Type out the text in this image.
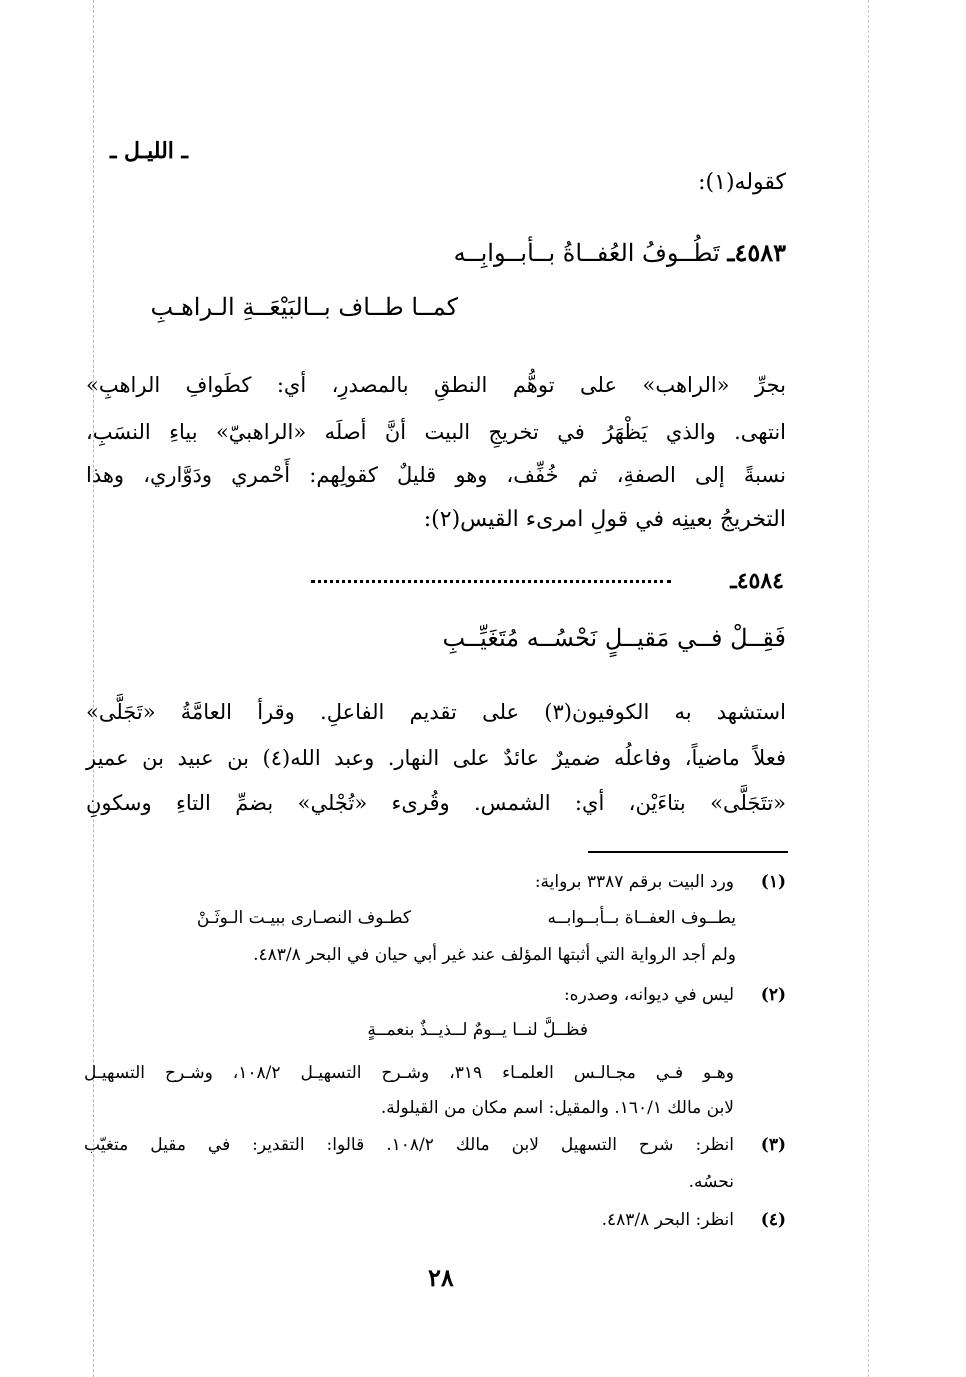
ـ الليـل ـ
كقوله(١):
٤٥٨٣ـ تَطُــوفُ العُفــاةُ بــأبــوابِــه
كمــا طــاف بــالبَيْعَــةِ الـراهـبِ
بجرِّ «الراهب» على توهُّم النطقِ بالمصدرِ، أي: كطَوافِ الراهبِ»
انتهى. والذي يَظْهَرُ في تخريجِ البيت أنَّ أصلَه «الراهبيّ» بياءِ النسَبِ،
نسبةً إلى الصفةِ، ثم خُفِّف، وهو قليلٌ كقولِهم: أَحْمري ودَوَّاري، وهذا
التخريجُ بعينِه في قولِ امرىء القيس(٢):
٤٥٨٤ـ
فَقِــلْ فــي مَقيــلٍ نَحْسُــه مُتَغَيِّــبِ
استشهد به الكوفيون(٣) على تقديم الفاعلِ. وقرأ العامَّةُ «تَجَلَّى»
فعلاً ماضياً، وفاعلُه ضميرٌ عائدٌ على النهار. وعبد الله(٤) بن عبيد بن عمير
«تتَجَلَّى» بتاءَيْن، أي: الشمس. وقُرىء «تُجْلي» بضمِّ التاءِ وسكونِ
(١)
ورد البيت برقم ٣٣٨٧ برواية:
يطــوف العفــاة بــأبــوابــه
كطـوف النصـارى ببيـت الـوثَـنْ
ولم أجد الرواية التي أثبتها المؤلف عند غير أبي حيان في البحر ٤٨٣/٨.
(٢)
ليس في ديوانه، وصدره:
فظــلَّ لنــا يــومٌ لــذيــذٌ بنعمــةٍ
وهـو فـي مجـالـس العلمـاء ٣١٩، وشـرح التسهيـل ١٠٨/٢، وشـرح التسهيـل
لابن مالك ١٦٠/١. والمقيل: اسم مكان من القيلولة.
(٣)
انظر: شرح التسهيل لابن مالك ١٠٨/٢. قالوا: التقدير: في مقيل متغيّب
نحسُه.
(٤)
انظر: البحر ٤٨٣/٨.
٢٨
